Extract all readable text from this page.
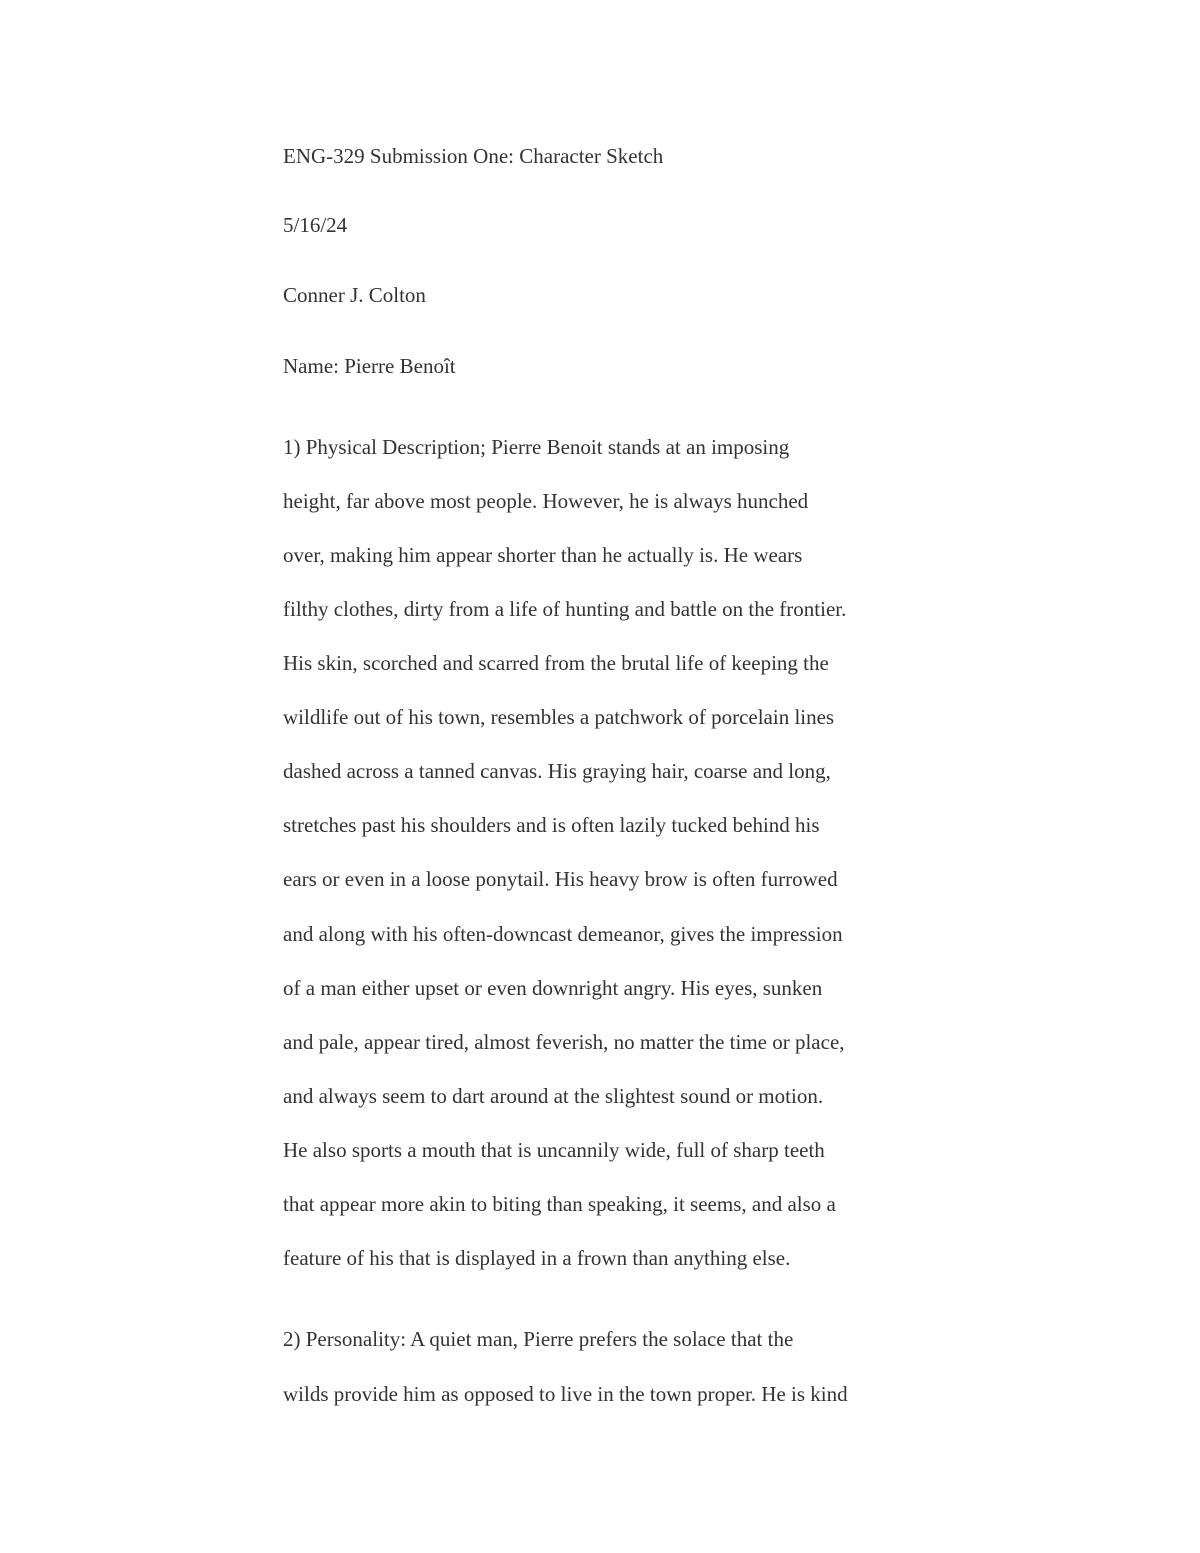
ENG-329 Submission One: Character Sketch
5/16/24
Conner J. Colton
Name: Pierre Benoît
1) Physical Description; Pierre Benoit stands at an imposing
height, far above most people. However, he is always hunched
over, making him appear shorter than he actually is. He wears
filthy clothes, dirty from a life of hunting and battle on the frontier.
His skin, scorched and scarred from the brutal life of keeping the
wildlife out of his town, resembles a patchwork of porcelain lines
dashed across a tanned canvas. His graying hair, coarse and long,
stretches past his shoulders and is often lazily tucked behind his
ears or even in a loose ponytail. His heavy brow is often furrowed
and along with his often-downcast demeanor, gives the impression
of a man either upset or even downright angry. His eyes, sunken
and pale, appear tired, almost feverish, no matter the time or place,
and always seem to dart around at the slightest sound or motion.
He also sports a mouth that is uncannily wide, full of sharp teeth
that appear more akin to biting than speaking, it seems, and also a
feature of his that is displayed in a frown than anything else.
2) Personality: A quiet man, Pierre prefers the solace that the
wilds provide him as opposed to live in the town proper. He is kind
